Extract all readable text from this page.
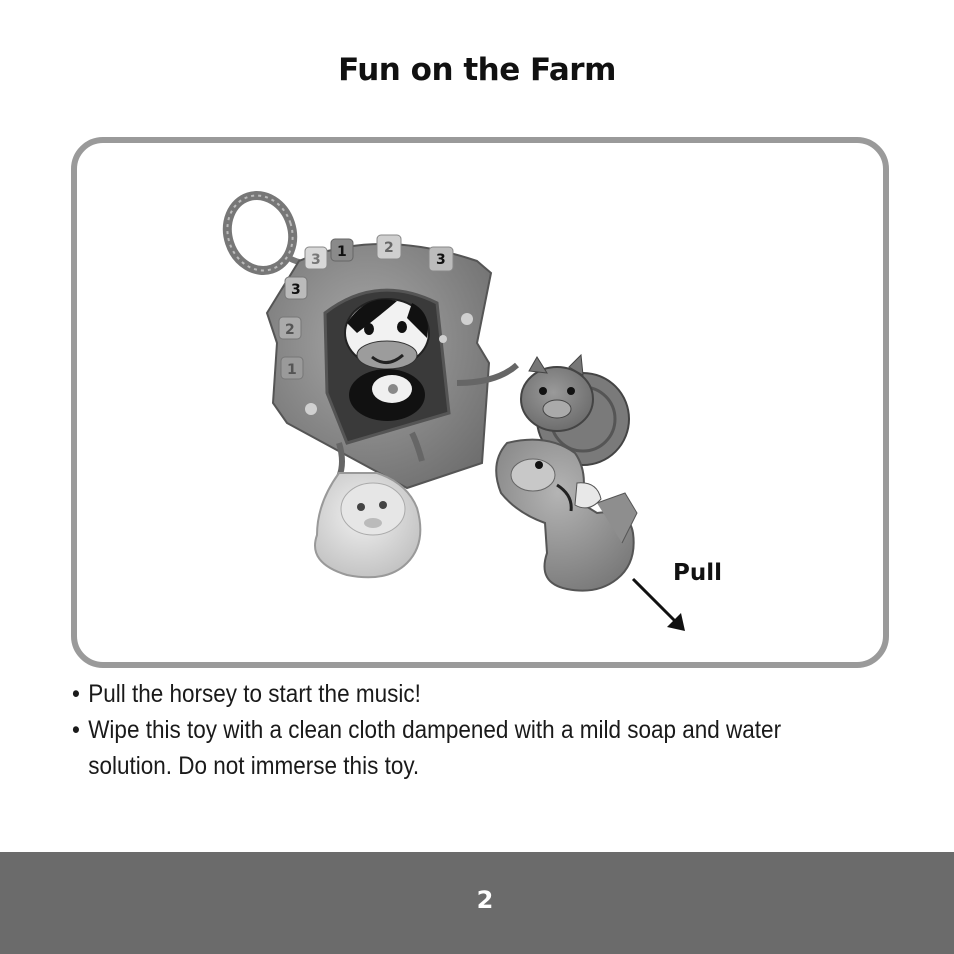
Fun on the Farm
1	2
3
3
2
1
3
Pull
• Pull the horsey to start the music!
• Wipe this toy with a clean cloth dampened with a mild soap and water solution. Do not immerse this toy.
2
